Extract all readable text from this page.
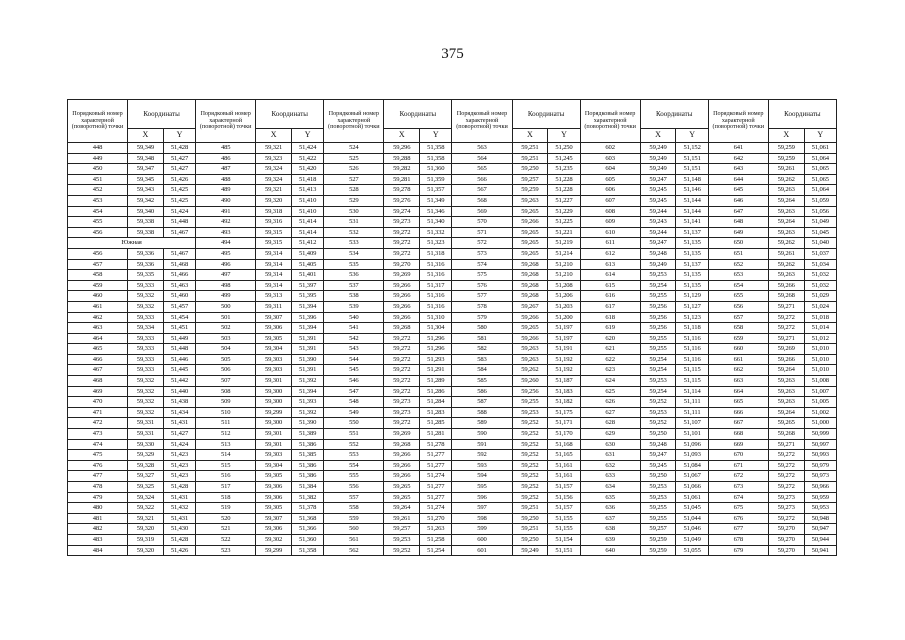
375
Порядковый номер характерной (поворотной) точки	Координаты		Порядковый номер характерной (поворотной) точки	Координаты		Порядковый номер характерной (поворотной) точки	Координаты		Порядковый номер характерной (поворотной) точки	Координаты		Порядковый номер характерной (поворотной) точки	Координаты		Порядковый номер характерной (поворотной) точки	Координаты	
	X	Y		X	Y		X	Y		X	Y		X	Y		X	Y
448	59,349	51,428	485	59,321	51,424	524	59,296	51,358	563	59,251	51,250	602	59,249	51,152	641	59,259	51,061
449	59,348	51,427	486	59,323	51,422	525	59,288	51,358	564	59,251	51,245	603	59,249	51,151	642	59,259	51,064
450	59,347	51,427	487	59,324	51,420	526	59,282	51,360	565	59,250	51,235	604	59,249	51,151	643	59,261	51,065
451	59,345	51,426	488	59,324	51,418	527	59,281	51,359	566	59,257	51,228	605	59,247	51,148	644	59,262	51,065
452	59,343	51,425	489	59,321	51,413	528	59,278	51,357	567	59,259	51,228	606	59,245	51,146	645	59,263	51,064
453	59,342	51,425	490	59,320	51,410	529	59,276	51,349	568	59,263	51,227	607	59,245	51,144	646	59,264	51,059
454	59,340	51,424	491	59,318	51,410	530	59,274	51,346	569	59,265	51,229	608	59,244	51,144	647	59,263	51,056
455	59,338	51,448	492	59,316	51,414	531	59,273	51,340	570	59,266	51,225	609	59,243	51,141	648	59,264	51,049
456	59,338	51,467	493	59,315	51,414	532	59,272	51,332	571	59,265	51,221	610	59,244	51,137	649	59,263	51,045
Южная			494	59,315	51,412	533	59,272	51,323	572	59,265	51,219	611	59,247	51,135	650	59,262	51,040
456	59,336	51,467	495	59,314	51,409	534	59,272	51,318	573	59,265	51,214	612	59,248	51,135	651	59,261	51,037
457	59,336	51,468	496	59,314	51,405	535	59,270	51,316	574	59,268	51,210	613	59,249	51,137	652	59,262	51,034
458	59,335	51,466	497	59,314	51,401	536	59,269	51,316	575	59,268	51,210	614	59,253	51,135	653	59,263	51,032
459	59,333	51,463	498	59,314	51,397	537	59,266	51,317	576	59,268	51,208	615	59,254	51,135	654	59,266	51,032
460	59,332	51,460	499	59,313	51,395	538	59,266	51,316	577	59,268	51,206	616	59,255	51,129	655	59,268	51,029
461	59,332	51,457	500	59,311	51,394	539	59,266	51,316	578	59,267	51,203	617	59,256	51,127	656	59,271	51,024
462	59,333	51,454	501	59,307	51,396	540	59,266	51,310	579	59,266	51,200	618	59,256	51,123	657	59,272	51,018
463	59,334	51,451	502	59,306	51,394	541	59,268	51,304	580	59,265	51,197	619	59,256	51,118	658	59,272	51,014
464	59,333	51,449	503	59,305	51,391	542	59,272	51,296	581	59,266	51,197	620	59,255	51,116	659	59,271	51,012
465	59,333	51,448	504	59,304	51,391	543	59,272	51,296	582	59,263	51,191	621	59,255	51,116	660	59,269	51,010
466	59,333	51,446	505	59,303	51,390	544	59,272	51,293	583	59,263	51,192	622	59,254	51,116	661	59,266	51,010
467	59,333	51,445	506	59,303	51,391	545	59,272	51,291	584	59,262	51,192	623	59,254	51,115	662	59,264	51,010
468	59,332	51,442	507	59,301	51,392	546	59,272	51,289	585	59,260	51,187	624	59,253	51,115	663	59,263	51,008
469	59,332	51,440	508	59,300	51,394	547	59,272	51,286	586	59,256	51,183	625	59,254	51,114	664	59,263	51,007
470	59,332	51,438	509	59,300	51,393	548	59,273	51,284	587	59,255	51,182	626	59,252	51,111	665	59,263	51,005
471	59,332	51,434	510	59,299	51,392	549	59,273	51,283	588	59,253	51,175	627	59,253	51,111	666	59,264	51,002
472	59,331	51,431	511	59,300	51,390	550	59,272	51,285	589	59,252	51,171	628	59,252	51,107	667	59,265	51,000
473	59,331	51,427	512	59,301	51,389	551	59,269	51,281	590	59,252	51,170	629	59,250	51,101	668	59,268	50,999
474	59,330	51,424	513	59,301	51,386	552	59,268	51,278	591	59,252	51,168	630	59,248	51,096	669	59,271	50,997
475	59,329	51,423	514	59,303	51,385	553	59,266	51,277	592	59,252	51,165	631	59,247	51,093	670	59,272	50,993
476	59,328	51,423	515	59,304	51,386	554	59,266	51,277	593	59,252	51,161	632	59,245	51,084	671	59,272	50,979
477	59,327	51,423	516	59,305	51,386	555	59,266	51,274	594	59,252	51,161	633	59,250	51,067	672	59,272	50,973
478	59,325	51,428	517	59,306	51,384	556	59,265	51,277	595	59,252	51,157	634	59,253	51,066	673	59,272	50,966
479	59,324	51,431	518	59,306	51,382	557	59,265	51,277	596	59,252	51,156	635	59,253	51,061	674	59,273	50,959
480	59,322	51,432	519	59,305	51,378	558	59,264	51,274	597	59,251	51,157	636	59,255	51,045	675	59,273	50,953
481	59,321	51,431	520	59,307	51,368	559	59,261	51,270	598	59,250	51,155	637	59,255	51,044	676	59,272	50,948
482	59,320	51,430	521	59,306	51,366	560	59,257	51,263	599	59,251	51,155	638	59,257	51,046	677	59,270	50,947
483	59,319	51,428	522	59,302	51,360	561	59,253	51,258	600	59,250	51,154	639	59,259	51,049	678	59,270	50,944
484	59,320	51,426	523	59,299	51,358	562	59,252	51,254	601	59,249	51,151	640	59,259	51,055	679	59,270	50,941
